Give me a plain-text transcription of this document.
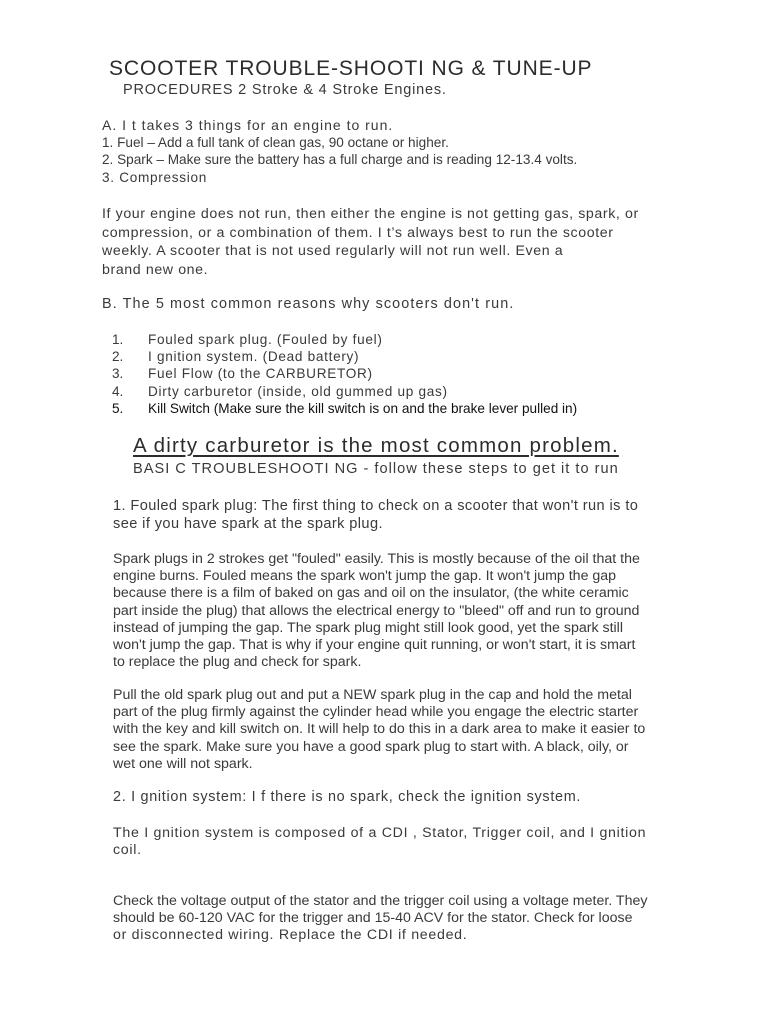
SCOOTER TROUBLE-SHOOTI NG & TUNE-UP
PROCEDURES 2 Stroke & 4 Stroke Engines.
A. I t takes 3 things for an engine to run.
1. Fuel – Add a full tank of clean gas, 90 octane or higher.
2. Spark – Make sure the battery has a full charge and is reading 12-13.4 volts.
3. Compression
If your engine does not run, then either the engine is not getting gas, spark, or
compression, or a combination of them. I t’s always best to run the scooter
weekly. A scooter that is not used regularly will not run well. Even a
brand new one.
B. The 5 most common reasons why scooters don't run.
1. Fouled spark plug. (Fouled by fuel)
2. I gnition system. (Dead battery)
3. Fuel Flow (to the CARBURETOR)
4. Dirty carburetor (inside, old gummed up gas)
5. Kill Switch (Make sure the kill switch is on and the brake lever pulled in)
A dirty carburetor is the most common problem.
BASI C TROUBLESHOOTI NG - follow these steps to get it to run
1. Fouled spark plug: The first thing to check on a scooter that won't run is to
see if you have spark at the spark plug.
Spark plugs in 2 strokes get "fouled" easily. This is mostly because of the oil that the
engine burns. Fouled means the spark won't jump the gap. It won't jump the gap
because there is a film of baked on gas and oil on the insulator, (the white ceramic
part inside the plug) that allows the electrical energy to "bleed" off and run to ground
instead of jumping the gap. The spark plug might still look good, yet the spark still
won't jump the gap. That is why if your engine quit running, or won't start, it is smart
to replace the plug and check for spark.
Pull the old spark plug out and put a NEW spark plug in the cap and hold the metal
part of the plug firmly against the cylinder head while you engage the electric starter
with the key and kill switch on. It will help to do this in a dark area to make it easier to
see the spark. Make sure you have a good spark plug to start with. A black, oily, or
wet one will not spark.
2. I gnition system: I f there is no spark, check the ignition system.
The I gnition system is composed of a CDI , Stator, Trigger coil, and I gnition
coil.
Check the voltage output of the stator and the trigger coil using a voltage meter. They
should be 60-120 VAC for the trigger and 15-40 ACV for the stator. Check for loose
or disconnected wiring. Replace the CDI if needed.
